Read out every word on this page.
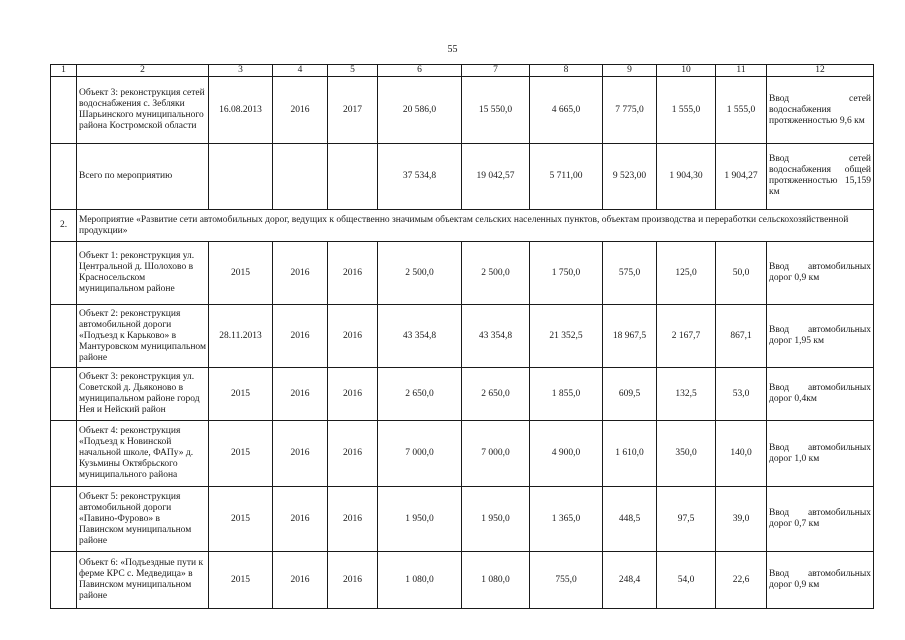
55
1	2	3	4	5	6	7	8	9	10	11	12
	Объект 3: реконструкция сетей водоснабжения с. Зебляки Шарьинского муниципального района Костромской области	16.08.2013	2016	2017	20 586,0	15 550,0	4 665,0	7 775,0	1 555,0	1 555,0	Ввод сетей водоснабжения протяженностью 9,6 км
	Всего по мероприятию				37 534,8	19 042,57	5 711,00	9 523,00	1 904,30	1 904,27	Ввод сетей водоснабжения общей протяженностью 15,159 км
2.	Мероприятие «Развитие сети автомобильных дорог, ведущих к общественно значимым объектам сельских населенных пунктов, объектам производства и переработки сельскохозяйственной продукции»										
	Объект 1: реконструкция ул. Центральной д. Шолохово в Красносельском муниципальном районе	2015	2016	2016	2 500,0	2 500,0	1 750,0	575,0	125,0	50,0	Ввод автомобильных дорог 0,9 км
	Объект 2: реконструкция автомобильной дороги «Подъезд к Карьково» в Мантуровском муниципальном районе	28.11.2013	2016	2016	43 354,8	43 354,8	21 352,5	18 967,5	2 167,7	867,1	Ввод автомобильных дорог 1,95 км
	Объект 3: реконструкция ул. Советской д. Дьяконово в муниципальном районе город Нея и Нейский район	2015	2016	2016	2 650,0	2 650,0	1 855,0	609,5	132,5	53,0	Ввод автомобильных дорог 0,4км
	Объект 4: реконструкция «Подъезд к Новинской начальной школе, ФАПу» д. Кузьмины Октябрьского муниципального района	2015	2016	2016	7 000,0	7 000,0	4 900,0	1 610,0	350,0	140,0	Ввод автомобильных дорог 1,0 км
	Объект 5: реконструкция автомобильной дороги «Павино-Фурово» в Павинском муниципальном районе	2015	2016	2016	1 950,0	1 950,0	1 365,0	448,5	97,5	39,0	Ввод автомобильных дорог 0,7 км
	Объект 6: «Подъездные пути к ферме КРС с. Медведица» в Павинском муниципальном районе	2015	2016	2016	1 080,0	1 080,0	755,0	248,4	54,0	22,6	Ввод автомобильных дорог 0,9 км
